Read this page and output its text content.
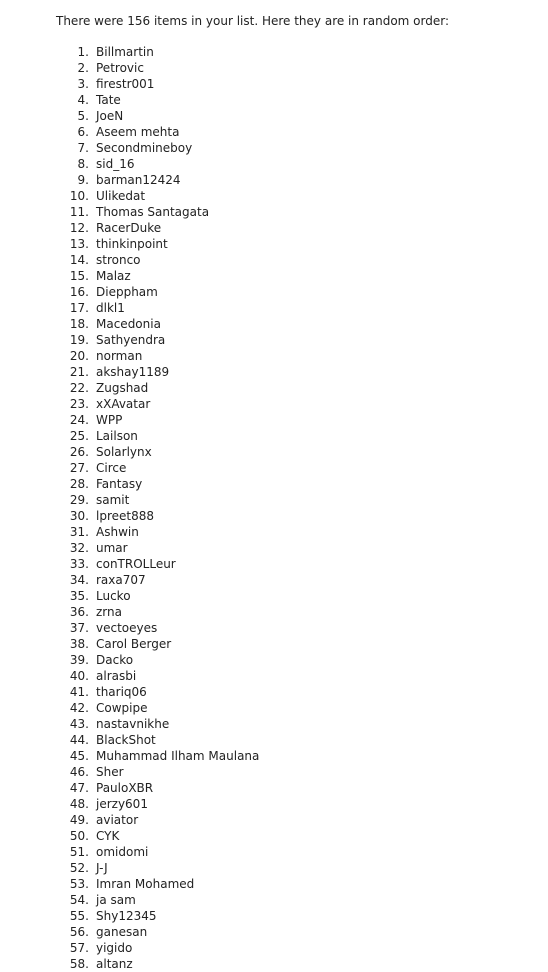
There were 156 items in your list. Here they are in random order:

1. Billmartin
2. Petrovic
3. firestr001
4. Tate
5. JoeN
6. Aseem mehta
7. Secondmineboy
8. sid_16
9. barman12424
10. Ulikedat
11. Thomas Santagata
12. RacerDuke
13. thinkinpoint
14. stronco
15. Malaz
16. Dieppham
17. dlkl1
18. Macedonia
19. Sathyendra
20. norman
21. akshay1189
22. Zugshad
23. xXAvatar
24. WPP
25. Lailson
26. Solarlynx
27. Circe
28. Fantasy
29. samit
30. lpreet888
31. Ashwin
32. umar
33. conTROLLeur
34. raxa707
35. Lucko
36. zrna
37. vectoeyes
38. Carol Berger
39. Dacko
40. alrasbi
41. thariq06
42. Cowpipe
43. nastavnikhe
44. BlackShot
45. Muhammad Ilham Maulana
46. Sher
47. PauloXBR
48. jerzy601
49. aviator
50. CYK
51. omidomi
52. J-J
53. Imran Mohamed
54. ja sam
55. Shy12345
56. ganesan
57. yigido
58. altanz
